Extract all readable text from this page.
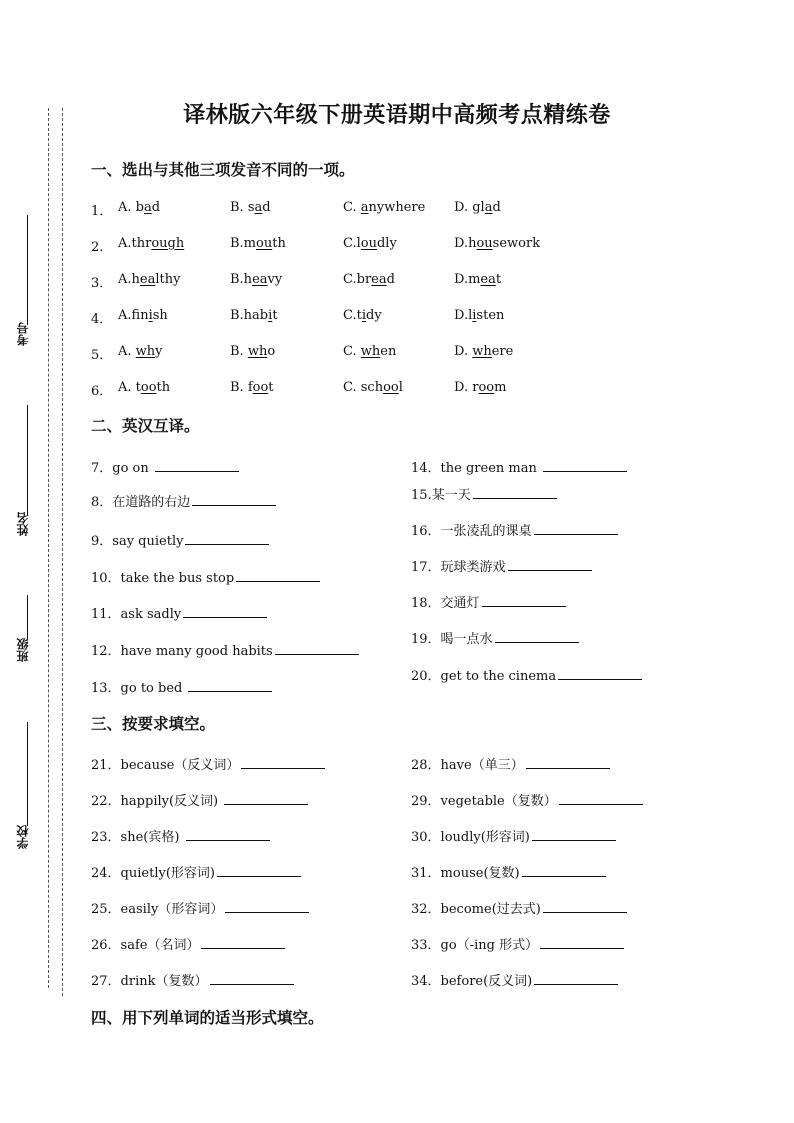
考号
姓名
班级
学校
译林版六年级下册英语期中高频考点精练卷
一、选出与其他三项发音不同的一项。
1． A. bad	B. sad	C. anywhere D. glad
2． A.through	B.mouth	C.loudly	D.housework
3． A.healthy	B.heavy	C.bread	D.meat
4． A.finish	B.habit	C.tidy	D.listen
5． A. why	B. who	C. when	D. where
6． A. tooth	B. foot	C. school	D. room
二、英汉互译。
7．go on
8．在道路的右边
9．say quietly
10．take the bus stop
11．ask sadly
12．have many good habits
13．go to bed
14．the green man
15.某一天
16．一张凌乱的课桌
17．玩球类游戏
18．交通灯
19．喝一点水
20．get to the cinema
三、按要求填空。
21．because（反义词）
22．happily(反义词)
23．she(宾格)
24．quietly(形容词)
25．easily（形容词）
26．safe（名词）
27．drink（复数）
28．have（单三）
29．vegetable（复数）
30．loudly(形容词)
31．mouse(复数)
32．become(过去式)
33．go（-ing 形式）
34．before(反义词)
四、用下列单词的适当形式填空。
